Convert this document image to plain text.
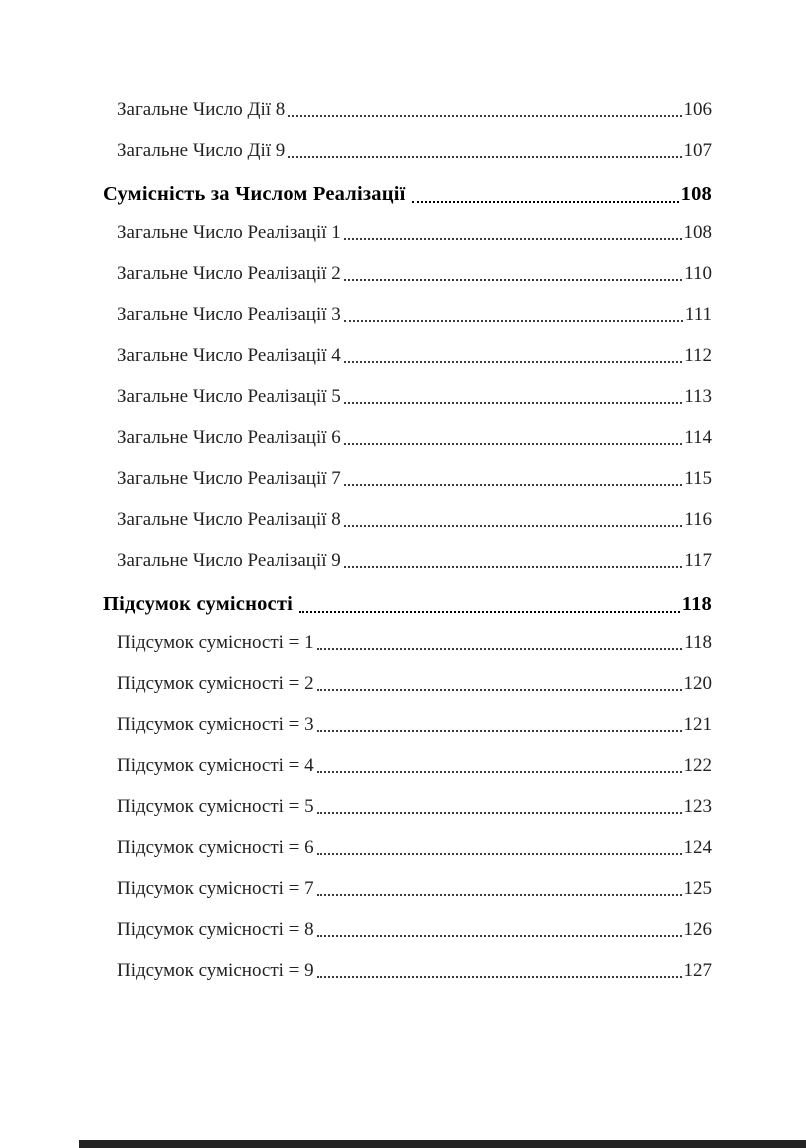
Загальне Число Дії 8	106
Загальне Число Дії 9	107
Сумісність за Числом Реалізації	108
Загальне Число Реалізації 1	108
Загальне Число Реалізації 2	110
Загальне Число Реалізації 3	111
Загальне Число Реалізації 4	112
Загальне Число Реалізації 5	113
Загальне Число Реалізації 6	114
Загальне Число Реалізації 7	115
Загальне Число Реалізації 8	116
Загальне Число Реалізації 9	117
Підсумок сумісності	118
Підсумок сумісності = 1	118
Підсумок сумісності = 2	120
Підсумок сумісності = 3	121
Підсумок сумісності = 4	122
Підсумок сумісності = 5	123
Підсумок сумісності = 6	124
Підсумок сумісності = 7	125
Підсумок сумісності = 8	126
Підсумок сумісності = 9	127
